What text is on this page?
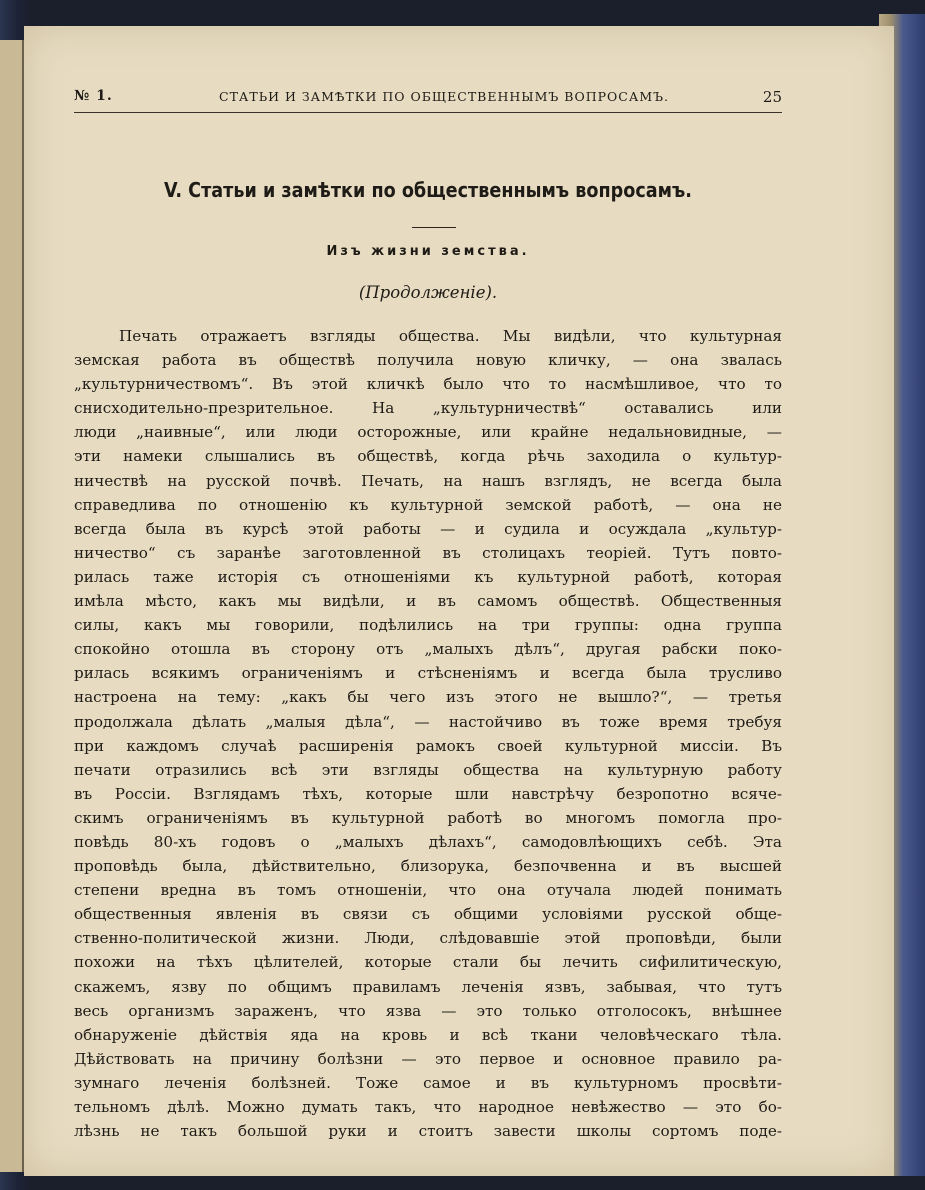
№ 1.	СТАТЬИ И ЗАМѢТКИ ПО ОБЩЕСТВЕННЫМЪ ВОПРОСАМЪ.	25
V. Статьи и замѣтки по общественнымъ вопросамъ.
Изъ жизни земства.
(Продолженіе).
Печать отражаетъ взгляды общества. Мы видѣли, что культурная
земская работа въ обществѣ получила новую кличку, — она звалась
„культурничествомъ“. Въ этой кличкѣ было что то насмѣшливое, что то
снисходительно-презрительное. На „культурничествѣ“ оставались или
люди „наивные“, или люди осторожные, или крайне недальновидные, —
эти намеки слышались въ обществѣ, когда рѣчь заходила о культур-
ничествѣ на русской почвѣ. Печать, на нашъ взглядъ, не всегда была
справедлива по отношенію къ культурной земской работѣ, — она не
всегда была въ курсѣ этой работы — и судила и осуждала „культур-
ничество“ съ заранѣе заготовленной въ столицахъ теоріей. Тутъ повто-
рилась таже исторія съ отношеніями къ культурной работѣ, которая
имѣла мѣсто, какъ мы видѣли, и въ самомъ обществѣ. Общественныя
силы, какъ мы говорили, подѣлились на три группы: одна группа
спокойно отошла въ сторону отъ „малыхъ дѣлъ“, другая рабски поко-
рилась всякимъ ограниченіямъ и стѣсненіямъ и всегда была трусливо
настроена на тему: „какъ бы чего изъ этого не вышло?“, — третья
продолжала дѣлать „малыя дѣла“, — настойчиво въ тоже время требуя
при каждомъ случаѣ расширенія рамокъ своей культурной миссіи. Въ
печати отразились всѣ эти взгляды общества на культурную работу
въ Россіи. Взглядамъ тѣхъ, которые шли навстрѣчу безропотно всяче-
скимъ ограниченіямъ въ культурной работѣ во многомъ помогла про-
повѣдь 80-хъ годовъ о „малыхъ дѣлахъ“, самодовлѣющихъ себѣ. Эта
проповѣдь была, дѣйствительно, близорука, безпочвенна и въ высшей
степени вредна въ томъ отношеніи, что она отучала людей понимать
общественныя явленія въ связи съ общими условіями русской обще-
ственно-политической жизни. Люди, слѣдовавшіе этой проповѣди, были
похожи на тѣхъ цѣлителей, которые стали бы лечить сифилитическую,
скажемъ, язву по общимъ правиламъ леченія язвъ, забывая, что тутъ
весь организмъ зараженъ, что язва — это только отголосокъ, внѣшнее
обнаруженіе дѣйствія яда на кровь и всѣ ткани человѣческаго тѣла.
Дѣйствовать на причину болѣзни — это первое и основное правило ра-
зумнаго леченія болѣзней. Тоже самое и въ культурномъ просвѣти-
тельномъ дѣлѣ. Можно думать такъ, что народное невѣжество — это бо-
лѣзнь не такъ большой руки и стоитъ завести школы сортомъ поде-
